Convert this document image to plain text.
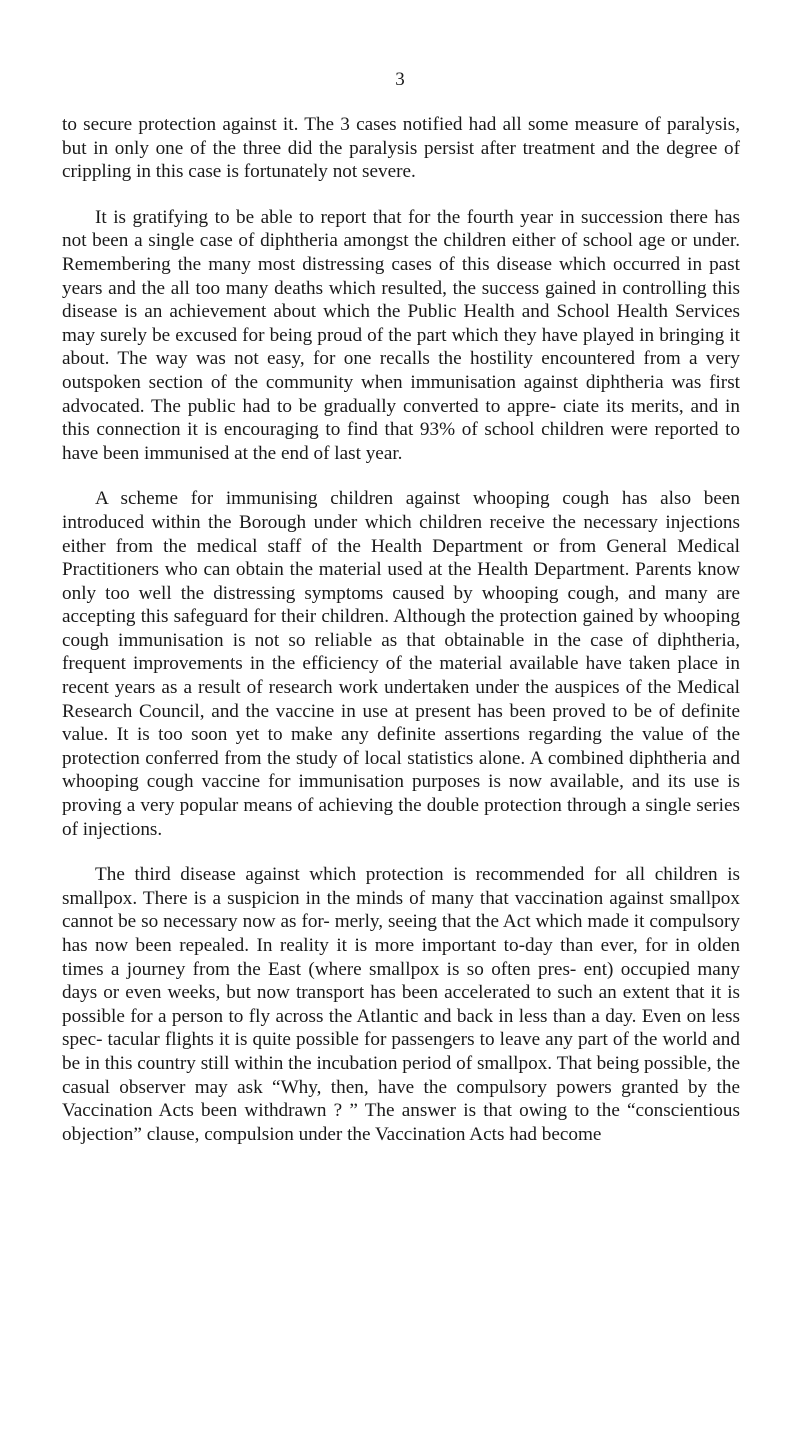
3

to secure protection against it. The 3 cases notified had all some measure of paralysis, but in only one of the three did the paralysis persist after treatment and the degree of crippling in this case is fortunately not severe.

It is gratifying to be able to report that for the fourth year in succession there has not been a single case of diphtheria amongst the children either of school age or under. Remembering the many most distressing cases of this disease which occurred in past years and the all too many deaths which resulted, the success gained in controlling this disease is an achievement about which the Public Health and School Health Services may surely be excused for being proud of the part which they have played in bringing it about. The way was not easy, for one recalls the hostility encountered from a very outspoken section of the community when immunisation against diphtheria was first advocated. The public had to be gradually converted to appre- ciate its merits, and in this connection it is encouraging to find that 93% of school children were reported to have been immunised at the end of last year.

A scheme for immunising children against whooping cough has also been introduced within the Borough under which children receive the necessary injections either from the medical staff of the Health Department or from General Medical Practitioners who can obtain the material used at the Health Department. Parents know only too well the distressing symptoms caused by whooping cough, and many are accepting this safeguard for their children. Although the protection gained by whooping cough immunisation is not so reliable as that obtainable in the case of diphtheria, frequent improvements in the efficiency of the material available have taken place in recent years as a result of research work undertaken under the auspices of the Medical Research Council, and the vaccine in use at present has been proved to be of definite value. It is too soon yet to make any definite assertions regarding the value of the protection conferred from the study of local statistics alone. A combined diphtheria and whooping cough vaccine for immunisation purposes is now available, and its use is proving a very popular means of achieving the double protection through a single series of injections.

The third disease against which protection is recommended for all children is smallpox. There is a suspicion in the minds of many that vaccination against smallpox cannot be so necessary now as for- merly, seeing that the Act which made it compulsory has now been repealed. In reality it is more important to-day than ever, for in olden times a journey from the East (where smallpox is so often pres- ent) occupied many days or even weeks, but now transport has been accelerated to such an extent that it is possible for a person to fly across the Atlantic and back in less than a day. Even on less spec- tacular flights it is quite possible for passengers to leave any part of the world and be in this country still within the incubation period of smallpox. That being possible, the casual observer may ask “Why, then, have the compulsory powers granted by the Vaccination Acts been withdrawn ? ” The answer is that owing to the “conscientious objection” clause, compulsion under the Vaccination Acts had become
